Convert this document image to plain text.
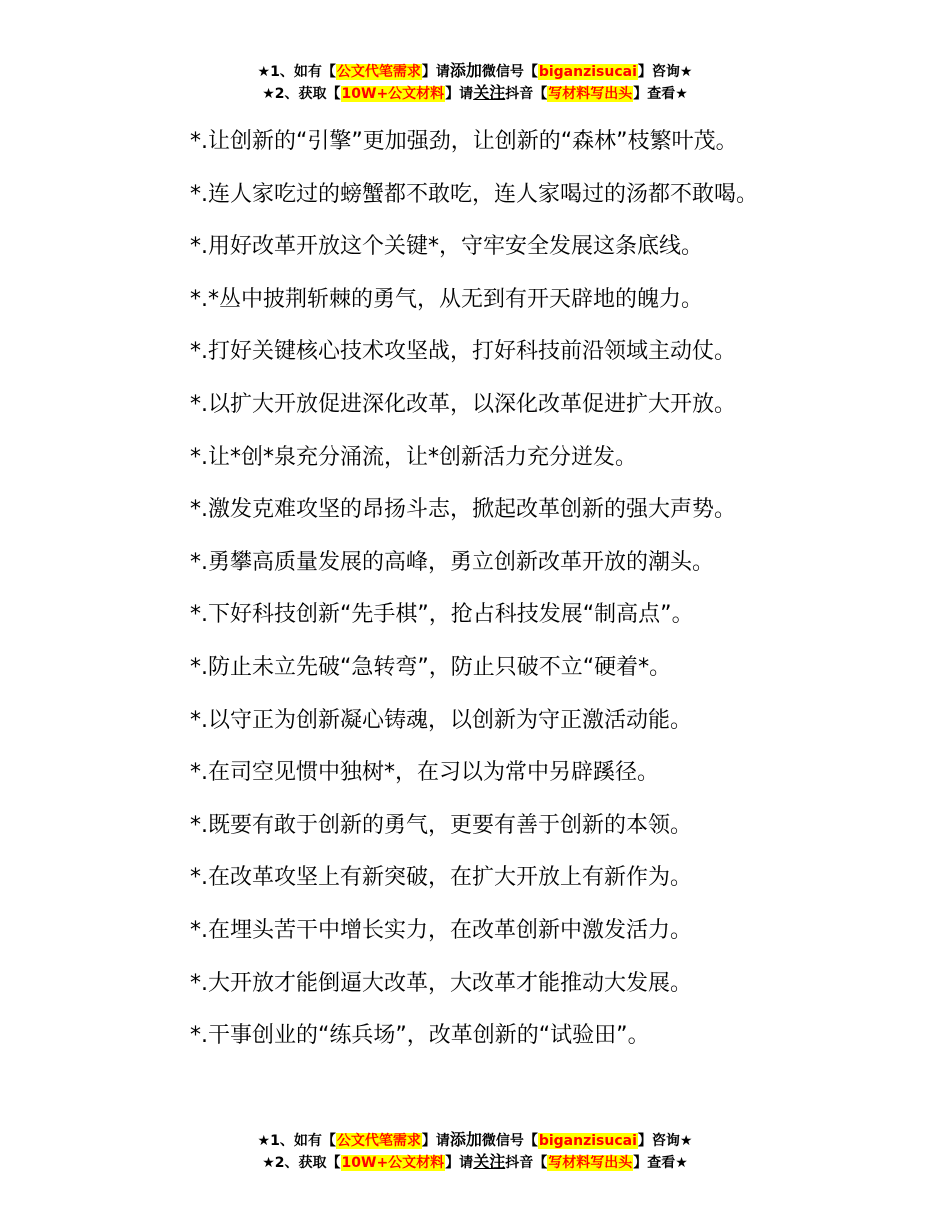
★1、如有【公文代笔需求】请添加微信号【biganzisucai】咨询★
★2、获取【10W+公文材料】请关注抖音【写材料写出头】查看★

*.让创新的“引擎”更加强劲，让创新的“森林”枝繁叶茂。

*.连人家吃过的螃蟹都不敢吃，连人家喝过的汤都不敢喝。

*.用好改革开放这个关键*，守牢安全发展这条底线。

*.*丛中披荆斩棘的勇气，从无到有开天辟地的魄力。

*.打好关键核心技术攻坚战，打好科技前沿领域主动仗。

*.以扩大开放促进深化改革，以深化改革促进扩大开放。

*.让*创*泉充分涌流，让*创新活力充分迸发。

*.激发克难攻坚的昂扬斗志，掀起改革创新的强大声势。

*.勇攀高质量发展的高峰，勇立创新改革开放的潮头。

*.下好科技创新“先手棋”，抢占科技发展“制高点”。

*.防止未立先破“急转弯”，防止只破不立“硬着*。

*.以守正为创新凝心铸魂，以创新为守正激活动能。

*.在司空见惯中独树*，在习以为常中另辟蹊径。

*.既要有敢于创新的勇气，更要有善于创新的本领。

*.在改革攻坚上有新突破，在扩大开放上有新作为。

*.在埋头苦干中增长实力，在改革创新中激发活力。

*.大开放才能倒逼大改革，大改革才能推动大发展。

*.干事创业的“练兵场”，改革创新的“试验田”。

★1、如有【公文代笔需求】请添加微信号【biganzisucai】咨询★
★2、获取【10W+公文材料】请关注抖音【写材料写出头】查看★
